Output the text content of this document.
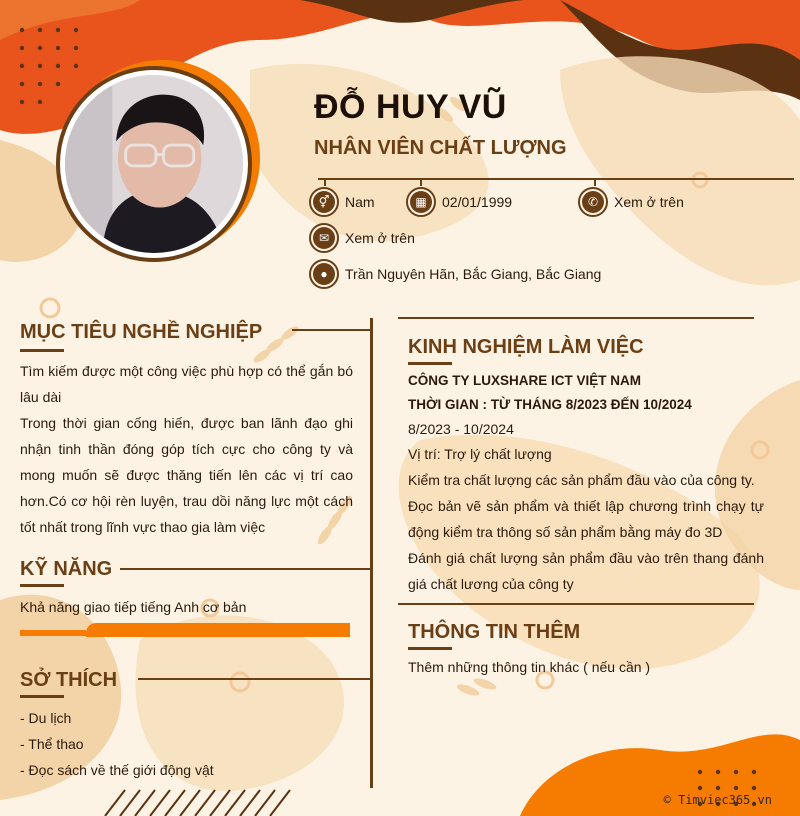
ĐỖ HUY VŨ
NHÂN VIÊN CHẤT LƯỢNG
⚥	Nam	▦	02/01/1999	✆	Xem ở trên
✉	Xem ở trên
●	Trần Nguyên Hãn, Bắc Giang, Bắc Giang
MỤC TIÊU NGHỀ NGHIỆP
Tìm kiếm được một công việc phù hợp có thể gắn bó lâu dài
Trong thời gian cống hiến, được ban lãnh đạo ghi nhận tinh thần đóng góp tích cực cho công ty và mong muốn sẽ được thăng tiến lên các vị trí cao hơn.Có cơ hội rèn luyện, trau dồi năng lực một cách tốt nhất trong lĩnh vực thao gia làm việc
KỸ NĂNG
Khả năng giao tiếp tiếng Anh cơ bản
SỞ THÍCH
- Du lịch
- Thể thao
- Đọc sách về thế giới động vật
KINH NGHIỆM LÀM VIỆC
CÔNG TY LUXSHARE ICT VIỆT NAM
THỜI GIAN : TỪ THÁNG 8/2023 ĐẾN 10/2024
8/2023 - 10/2024
Vị trí: Trợ lý chất lượng
Kiểm tra chất lượng các sản phẩm đầu vào của công ty.
Đọc bản vẽ sản phẩm và thiết lập chương trình chạy tự động kiểm tra thông số sản phẩm bằng máy đo 3D
Đánh giá chất lượng sản phẩm đầu vào trên thang đánh giá chất lương của công ty
THÔNG TIN THÊM
Thêm những thông tin khác ( nếu cần )
© Timviec365.vn
